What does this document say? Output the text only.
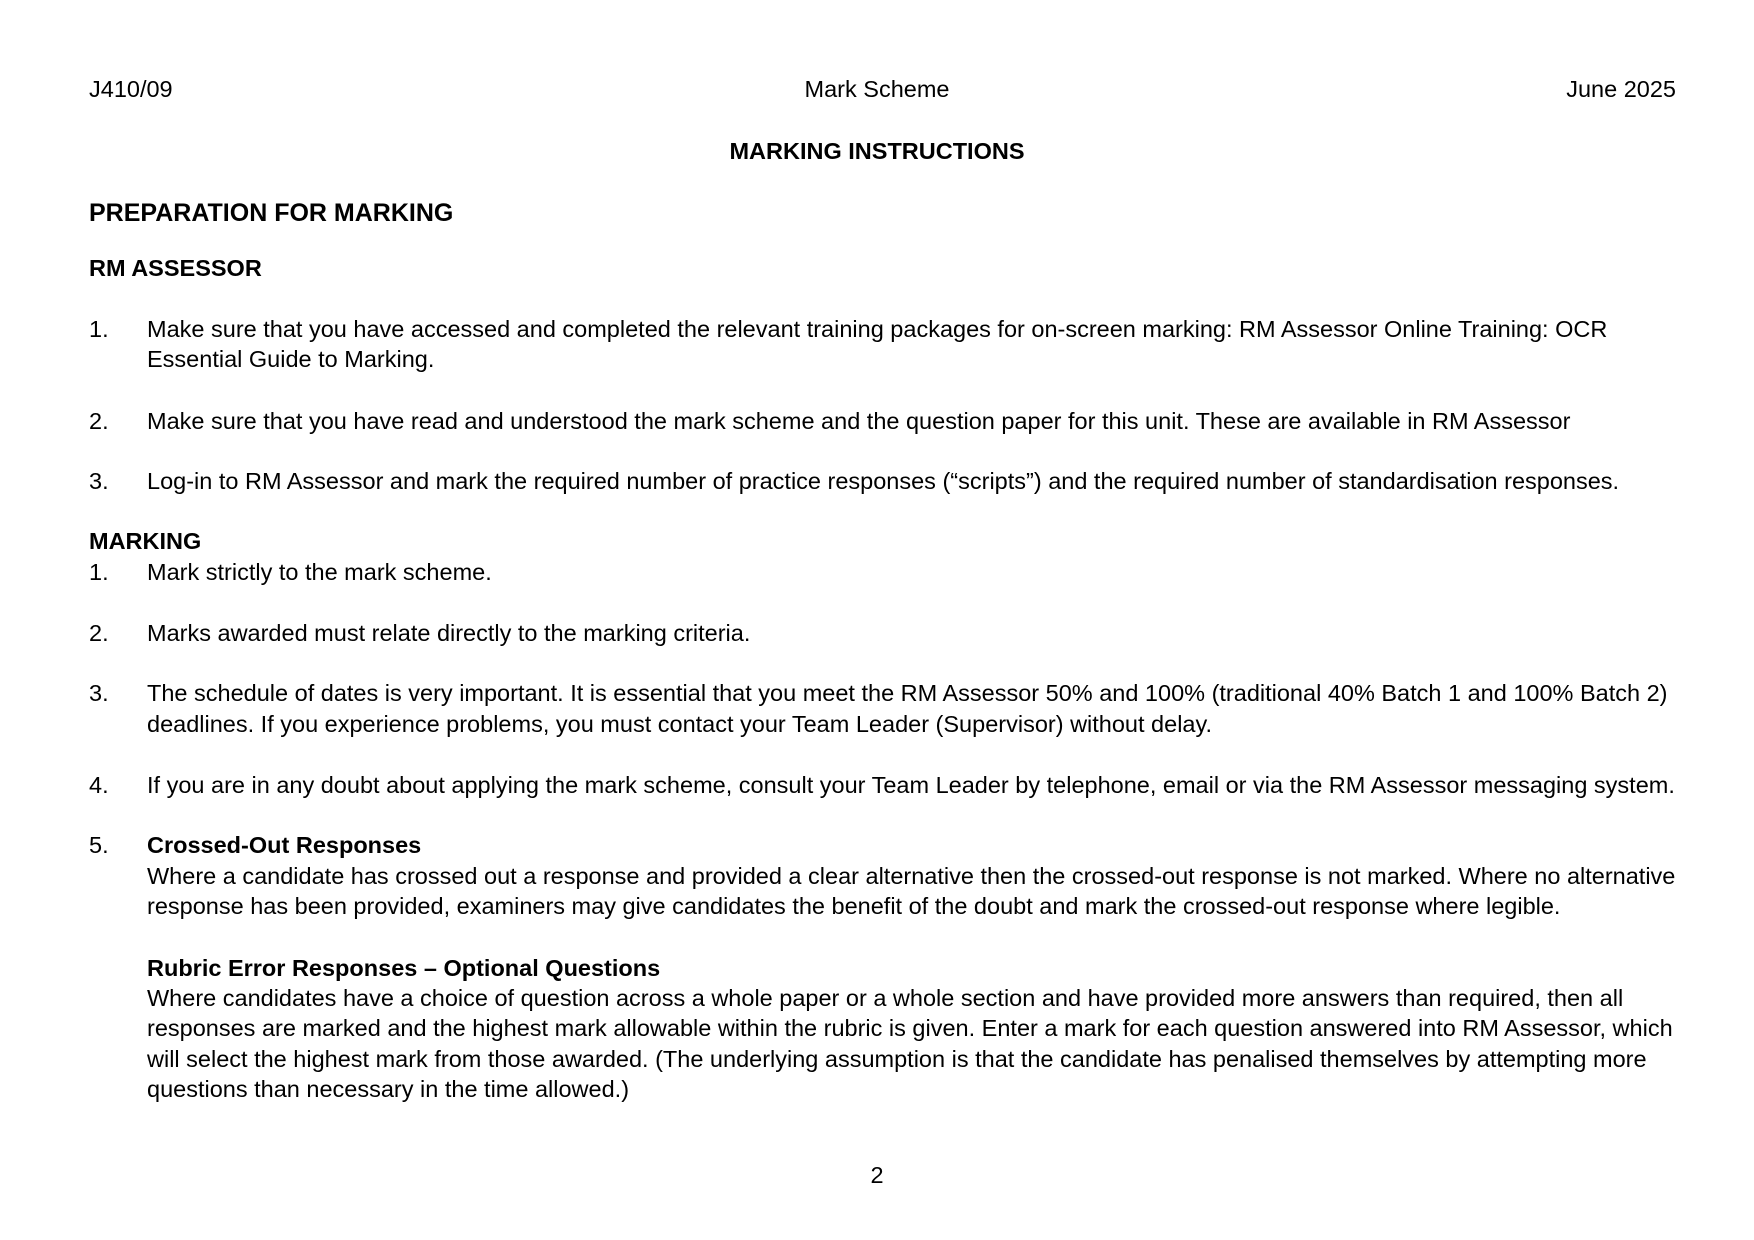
J410/09	Mark Scheme	June 2025
MARKING INSTRUCTIONS
PREPARATION FOR MARKING
RM ASSESSOR
1. Make sure that you have accessed and completed the relevant training packages for on-screen marking: RM Assessor Online Training: OCR
Essential Guide to Marking.
2. Make sure that you have read and understood the mark scheme and the question paper for this unit. These are available in RM Assessor
3. Log-in to RM Assessor and mark the required number of practice responses (“scripts”) and the required number of standardisation responses.
MARKING
1. Mark strictly to the mark scheme.
2. Marks awarded must relate directly to the marking criteria.
3. The schedule of dates is very important. It is essential that you meet the RM Assessor 50% and 100% (traditional 40% Batch 1 and 100% Batch 2)
deadlines. If you experience problems, you must contact your Team Leader (Supervisor) without delay.
4. If you are in any doubt about applying the mark scheme, consult your Team Leader by telephone, email or via the RM Assessor messaging system.
5. Crossed-Out Responses
Where a candidate has crossed out a response and provided a clear alternative then the crossed-out response is not marked. Where no alternative
response has been provided, examiners may give candidates the benefit of the doubt and mark the crossed-out response where legible.
Rubric Error Responses – Optional Questions
Where candidates have a choice of question across a whole paper or a whole section and have provided more answers than required, then all
responses are marked and the highest mark allowable within the rubric is given. Enter a mark for each question answered into RM Assessor, which
will select the highest mark from those awarded. (The underlying assumption is that the candidate has penalised themselves by attempting more
questions than necessary in the time allowed.)
2
